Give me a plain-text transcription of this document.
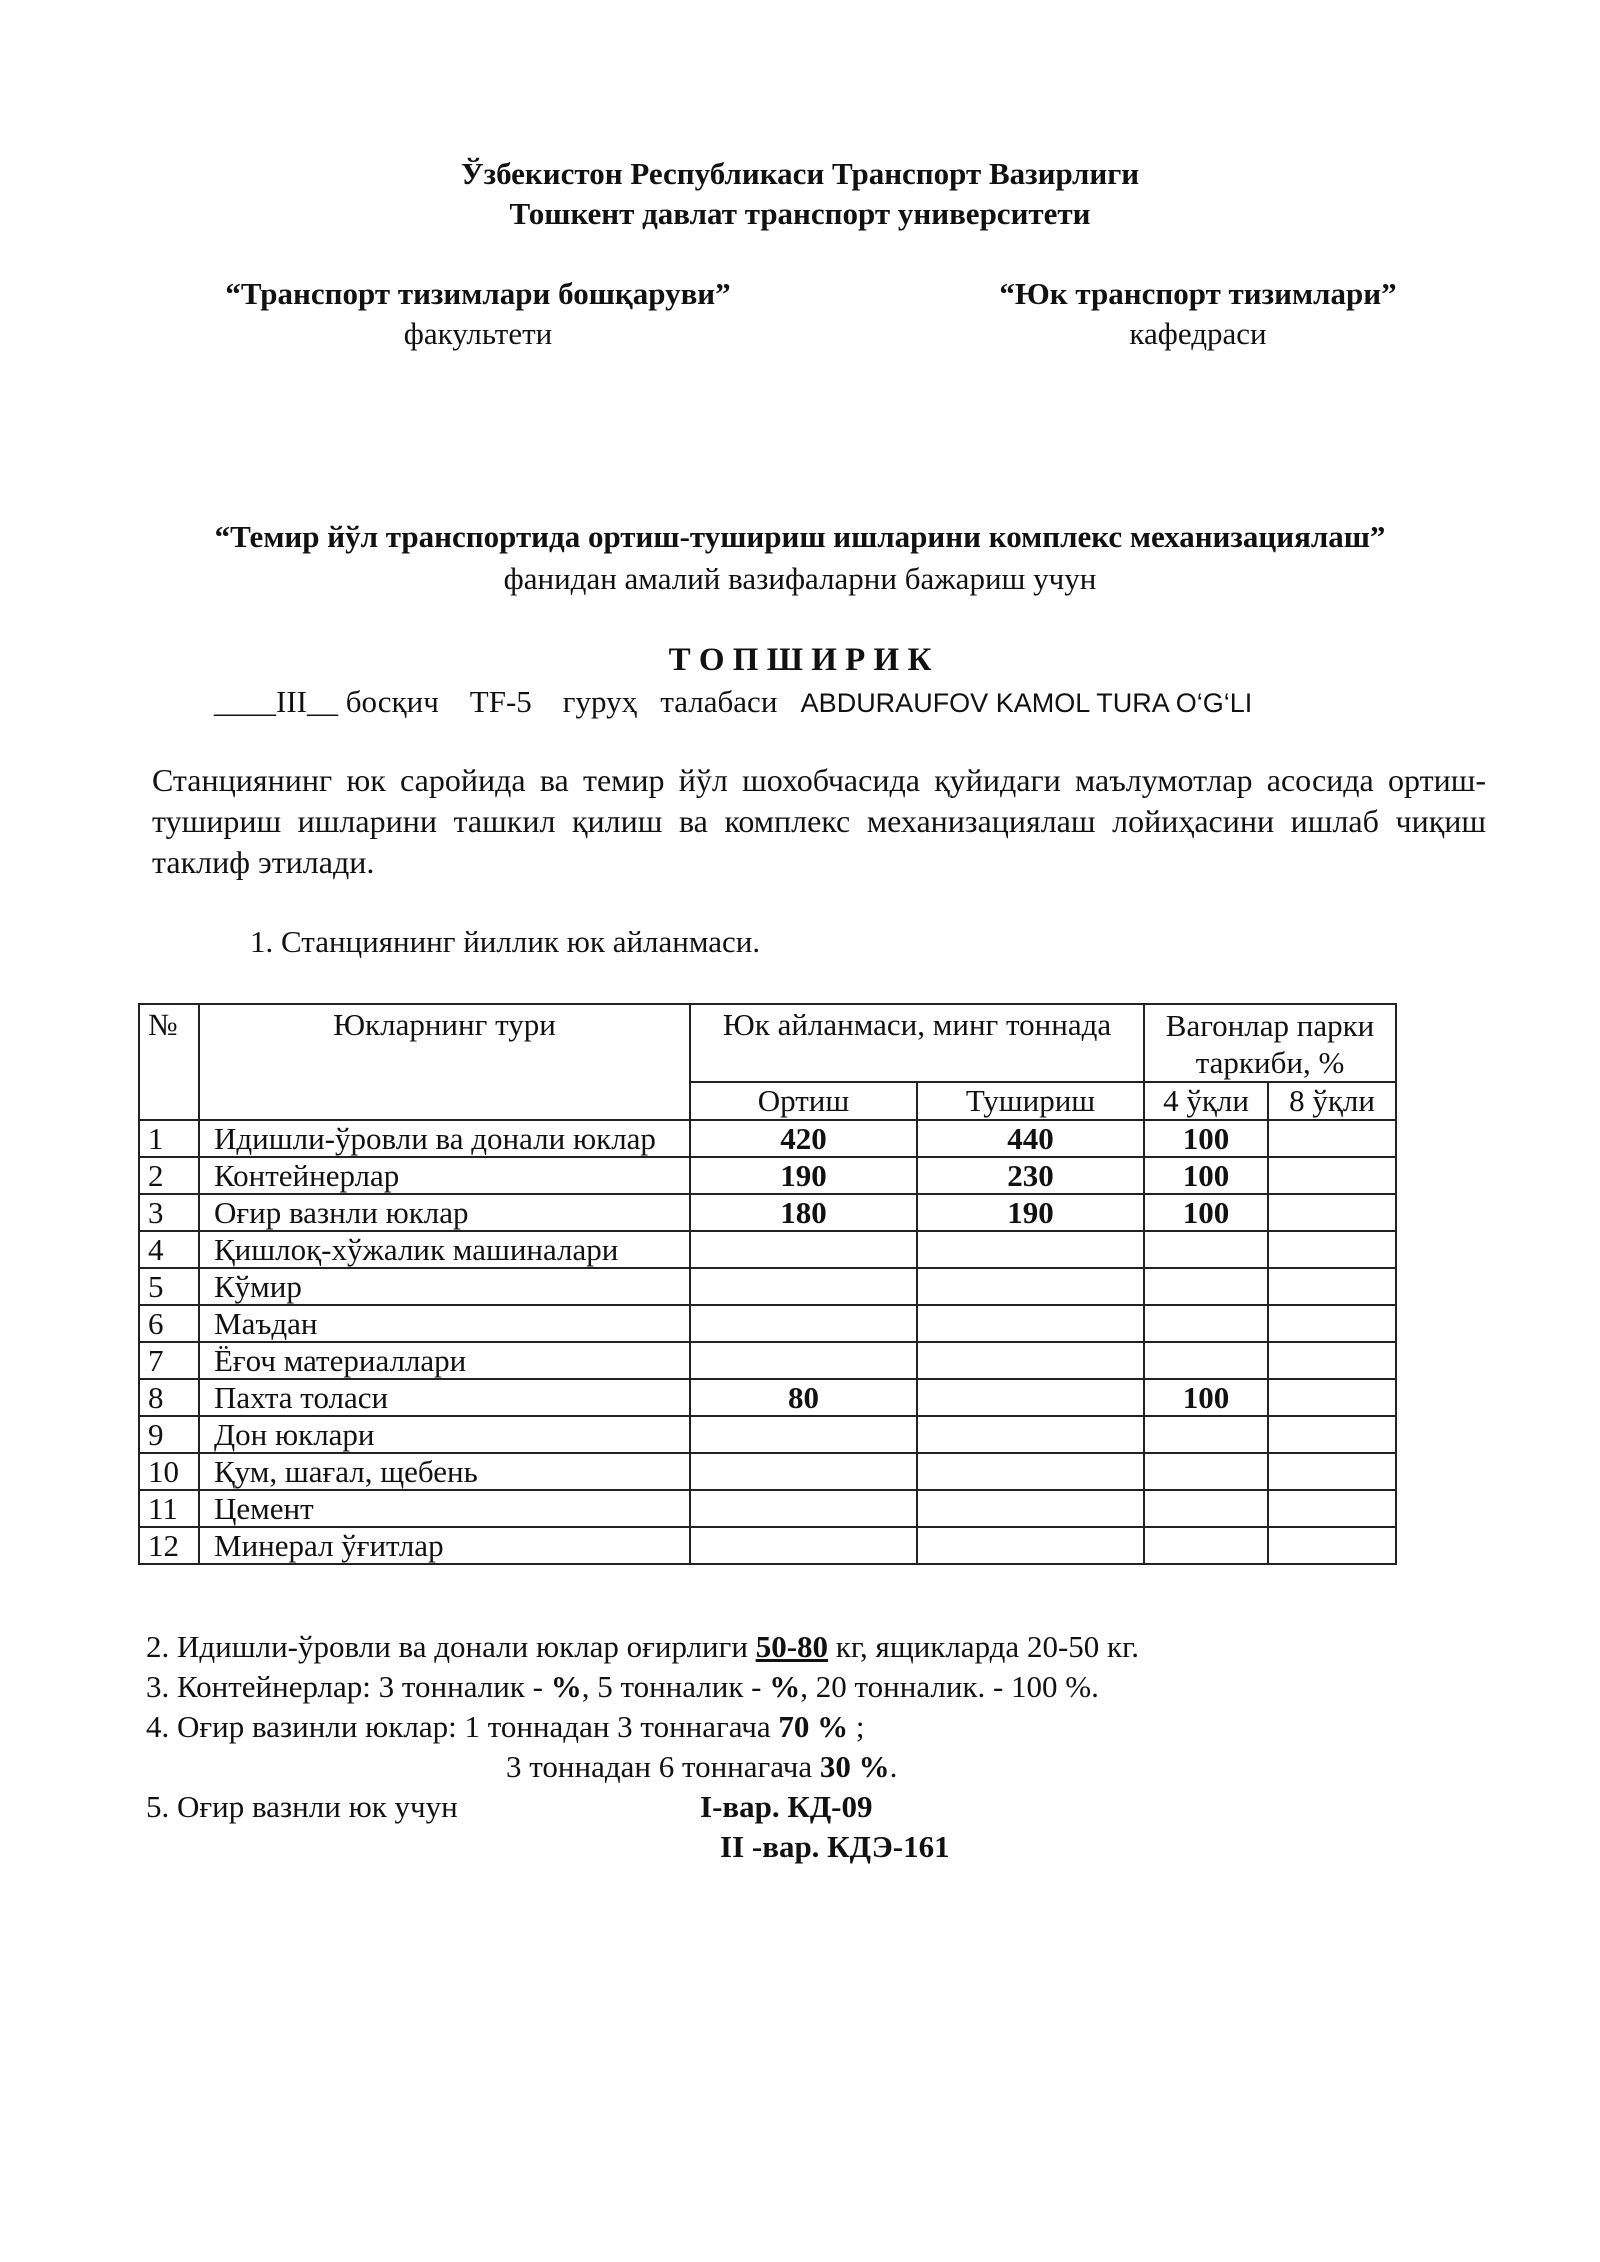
Ўзбекистон Республикаси Транспорт Вазирлиги
Тошкент давлат транспорт университети
“Транспорт тизимлари бошқаруви”
факультети
“Юк транспорт тизимлари”
кафедраси
“Темир йўл транспортида ортиш-тушириш ишларини комплекс механизациялаш”
фанидан амалий вазифаларни бажариш учун
Т О П Ш И Р И К
____III__ босқич TF-5 гуруҳ талабаси ABDURAUFOV KAMOL TURA O‘G‘LI
Станциянинг юк саройида ва темир йўл шохобчасида қуйидаги маълумотлар асосида ортиш-тушириш ишларини ташкил қилиш ва комплекс механизациялаш лойиҳасини ишлаб чиқиш таклиф этилади.
1. Станциянинг йиллик юк айланмаси.
№	Юкларнинг тури	Юк айланмаси, минг тоннада		Вагонлар парки таркиби, %	
		Ортиш	Тушириш	4 ўқли	8 ўқли
1	Идишли-ўровли ва донали юклар	420	440	100	
2	Контейнерлар	190	230	100	
3	Оғир вазнли юклар	180	190	100	
4	Қишлоқ-хўжалик машиналари				
5	Кўмир				
6	Маъдан				
7	Ёғоч материаллари				
8	Пахта толаси	80		100	
9	Дон юклари				
10	Қум, шағал, щебень				
11	Цемент				
12	Минерал ўғитлар				
2. Идишли-ўровли ва донали юклар оғирлиги 50-80 кг, ящикларда 20-50 кг.
3. Контейнерлар: 3 тонналик - %, 5 тонналик - %, 20 тонналик. - 100 %.
4. Оғир вазинли юклар: 1 тоннадан 3 тоннагача 70 % ;
3 тоннадан 6 тоннагача 30 %.
5. Оғир вазнли юк учун	I-вар. КД-09
II -вар. КДЭ-161
